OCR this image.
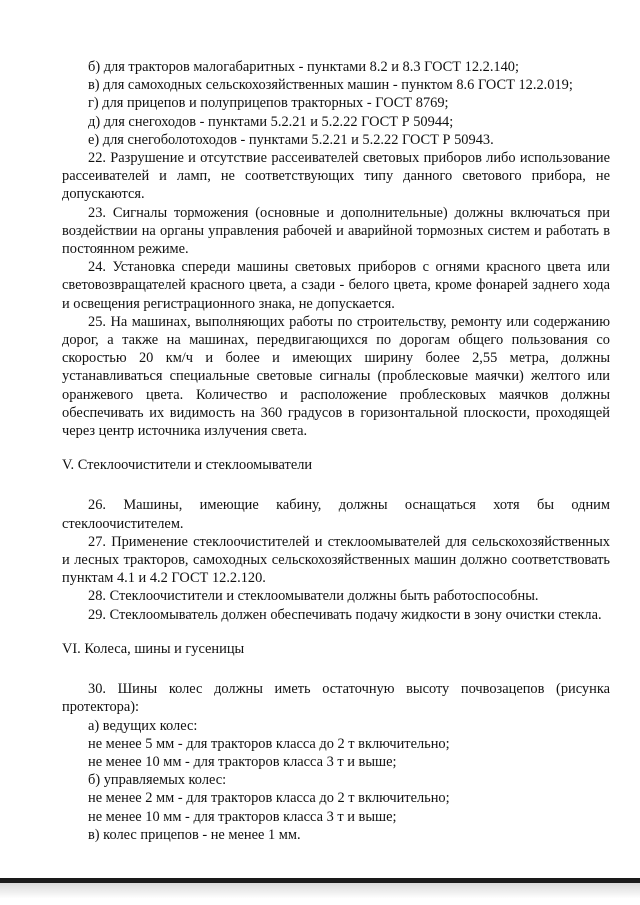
б) для тракторов малогабаритных - пунктами 8.2 и 8.3 ГОСТ 12.2.140;

в) для самоходных сельскохозяйственных машин - пунктом 8.6 ГОСТ 12.2.019;

г) для прицепов и полуприцепов тракторных - ГОСТ 8769;

д) для снегоходов - пунктами 5.2.21 и 5.2.22 ГОСТ Р 50944;

е) для снегоболотоходов - пунктами 5.2.21 и 5.2.22 ГОСТ Р 50943.

22. Разрушение и отсутствие рассеивателей световых приборов либо использование рассеивателей и ламп, не соответствующих типу данного светового прибора, не допускаются.

23. Сигналы торможения (основные и дополнительные) должны включаться при воздействии на органы управления рабочей и аварийной тормозных систем и работать в постоянном режиме.

24. Установка спереди машины световых приборов с огнями красного цвета или световозвращателей красного цвета, а сзади - белого цвета, кроме фонарей заднего хода и освещения регистрационного знака, не допускается.

25. На машинах, выполняющих работы по строительству, ремонту или содержанию дорог, а также на машинах, передвигающихся по дорогам общего пользования со скоростью 20 км/ч и более и имеющих ширину более 2,55 метра, должны устанавливаться специальные световые сигналы (проблесковые маячки) желтого или оранжевого цвета. Количество и расположение проблесковых маячков должны обеспечивать их видимость на 360 градусов в горизонтальной плоскости, проходящей через центр источника излучения света.

V. Стеклоочистители и стеклоомыватели

26. Машины, имеющие кабину, должны оснащаться хотя бы одним стеклоочистителем.

27. Применение стеклоочистителей и стеклоомывателей для сельскохозяйственных и лесных тракторов, самоходных сельскохозяйственных машин должно соответствовать пунктам 4.1 и 4.2 ГОСТ 12.2.120.

28. Стеклоочистители и стеклоомыватели должны быть работоспособны.

29. Стеклоомыватель должен обеспечивать подачу жидкости в зону очистки стекла.

VI. Колеса, шины и гусеницы

30. Шины колес должны иметь остаточную высоту почвозацепов (рисунка протектора):

а) ведущих колес:

не менее 5 мм - для тракторов класса до 2 т включительно;

не менее 10 мм - для тракторов класса 3 т и выше;

б) управляемых колес:

не менее 2 мм - для тракторов класса до 2 т включительно;

не менее 10 мм - для тракторов класса 3 т и выше;

в) колес прицепов - не менее 1 мм.
